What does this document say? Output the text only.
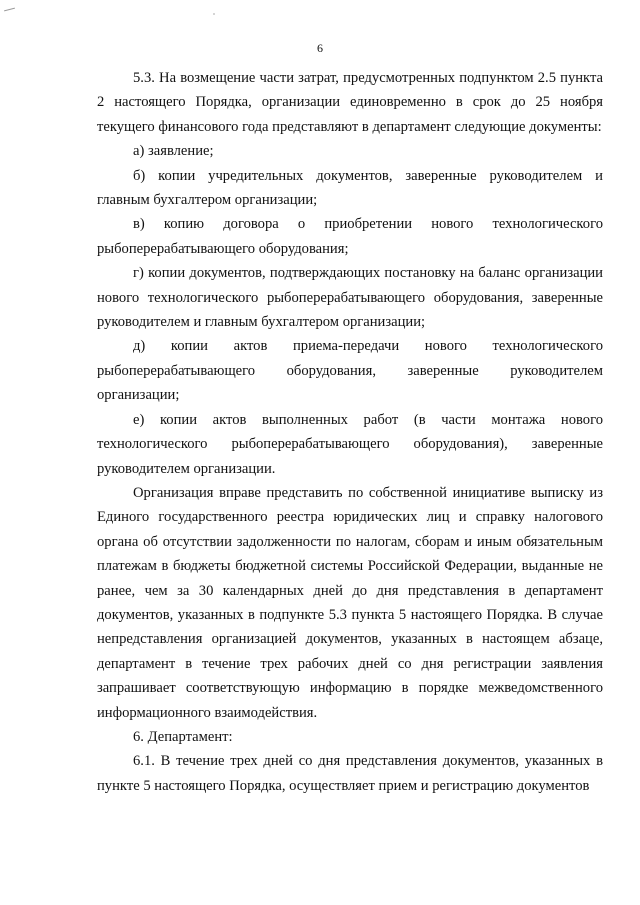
6

5.3. На возмещение части затрат, предусмотренных подпунктом 2.5 пункта 2 настоящего Порядка, организации единовременно в срок до 25 ноября текущего финансового года представляют в департамент следующие документы:

а) заявление;

б) копии учредительных документов, заверенные руководителем и главным бухгалтером организации;

в) копию договора о приобретении нового технологического рыбоперерабатывающего оборудования;

г) копии документов, подтверждающих постановку на баланс организации нового технологического рыбоперерабатывающего оборудования, заверенные руководителем и главным бухгалтером организации;

д) копии актов приема-передачи нового технологического рыбоперерабатывающего оборудования, заверенные руководителем организации;

е) копии актов выполненных работ (в части монтажа нового технологического рыбоперерабатывающего оборудования), заверенные руководителем организации.

Организация вправе представить по собственной инициативе выписку из Единого государственного реестра юридических лиц и справку налогового органа об отсутствии задолженности по налогам, сборам и иным обязательным платежам в бюджеты бюджетной системы Российской Федерации, выданные не ранее, чем за 30 календарных дней до дня представления в департамент документов, указанных в подпункте 5.3 пункта 5 настоящего Порядка. В случае непредставления организацией документов, указанных в настоящем абзаце, департамент в течение трех рабочих дней со дня регистрации заявления запрашивает соответствующую информацию в порядке межведомственного информационного взаимодействия.

6. Департамент:

6.1. В течение трех дней со дня представления документов, указанных в пункте 5 настоящего Порядка, осуществляет прием и регистрацию документов
